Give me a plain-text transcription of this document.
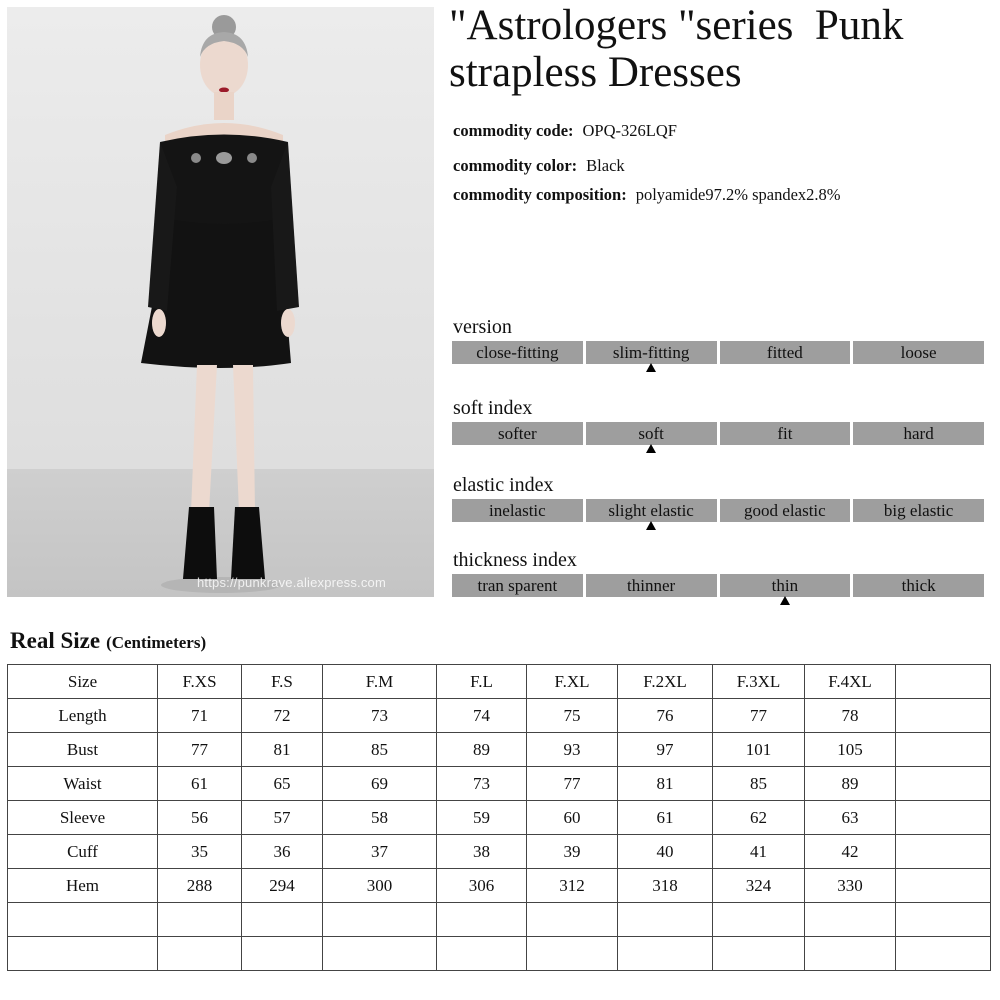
https://punkrave.aliexpress.com
"Astrologers "series  Punk strapless Dresses
commodity code: OPQ-326LQF
commodity color: Black
commodity composition: polyamide97.2% spandex2.8%
version
close-fitting	slim-fitting	fitted	loose
soft index
softer	soft	fit	hard
elastic index
inelastic	slight elastic	good elastic	big elastic
thickness index
tran sparent	thinner	thin	thick
Real Size (Centimeters)
Size	F.XS	F.S	F.M	F.L	F.XL	F.2XL	F.3XL	F.4XL	
Length	71	72	73	74	75	76	77	78	
Bust	77	81	85	89	93	97	101	105	
Waist	61	65	69	73	77	81	85	89	
Sleeve	56	57	58	59	60	61	62	63	
Cuff	35	36	37	38	39	40	41	42	
Hem	288	294	300	306	312	318	324	330	
